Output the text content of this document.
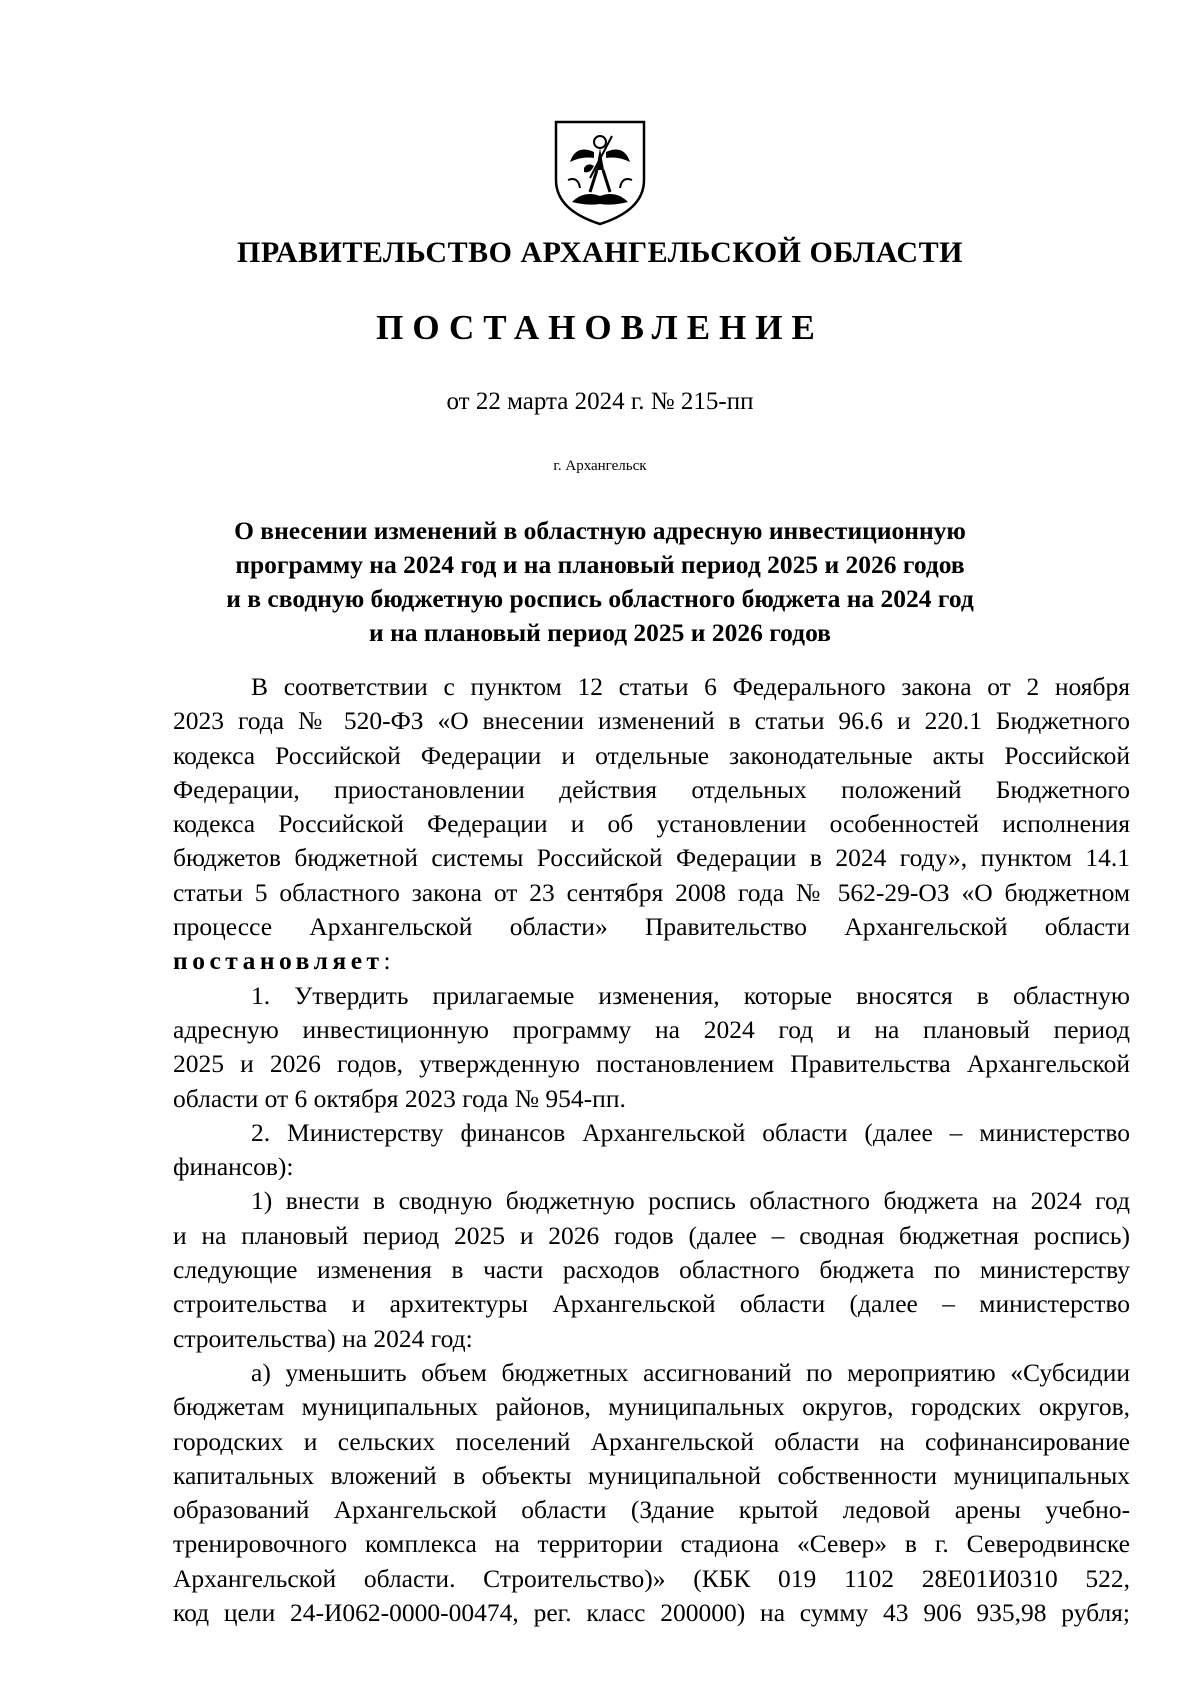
ПРАВИТЕЛЬСТВО АРХАНГЕЛЬСКОЙ ОБЛАСТИ
ПОСТАНОВЛЕНИЕ
от 22 марта 2024 г. № 215-пп
г. Архангельск
О внесении изменений в областную адресную инвестиционную
программу на 2024 год и на плановый период 2025 и 2026 годов
и в сводную бюджетную роспись областного бюджета на 2024 год
и на плановый период 2025 и 2026 годов
В соответствии с пунктом 12 статьи 6 Федерального закона от 2 ноября
2023 года № 520-ФЗ «О внесении изменений в статьи 96.6 и 220.1 Бюджетного
кодекса Российской Федерации и отдельные законодательные акты Российской
Федерации, приостановлении действия отдельных положений Бюджетного
кодекса Российской Федерации и об установлении особенностей исполнения
бюджетов бюджетной системы Российской Федерации в 2024 году», пунктом 14.1
статьи 5 областного закона от 23 сентября 2008 года № 562-29-ОЗ «О бюджетном
процессе Архангельской области» Правительство Архангельской области
постановляет:
1. Утвердить прилагаемые изменения, которые вносятся в областную
адресную инвестиционную программу на 2024 год и на плановый период
2025 и 2026 годов, утвержденную постановлением Правительства Архангельской
области от 6 октября 2023 года № 954-пп.
2. Министерству финансов Архангельской области (далее – министерство
финансов):
1) внести в сводную бюджетную роспись областного бюджета на 2024 год
и на плановый период 2025 и 2026 годов (далее – сводная бюджетная роспись)
следующие изменения в части расходов областного бюджета по министерству
строительства и архитектуры Архангельской области (далее – министерство
строительства) на 2024 год:
а) уменьшить объем бюджетных ассигнований по мероприятию «Субсидии
бюджетам муниципальных районов, муниципальных округов, городских округов,
городских и сельских поселений Архангельской области на софинансирование
капитальных вложений в объекты муниципальной собственности муниципальных
образований Архангельской области (Здание крытой ледовой арены учебно-
тренировочного комплекса на территории стадиона «Север» в г. Северодвинске
Архангельской области. Строительство)» (КБК 019 1102 28Е01И0310 522,
код цели 24-И062-0000-00474, рег. класс 200000) на сумму 43 906 935,98 рубля;
